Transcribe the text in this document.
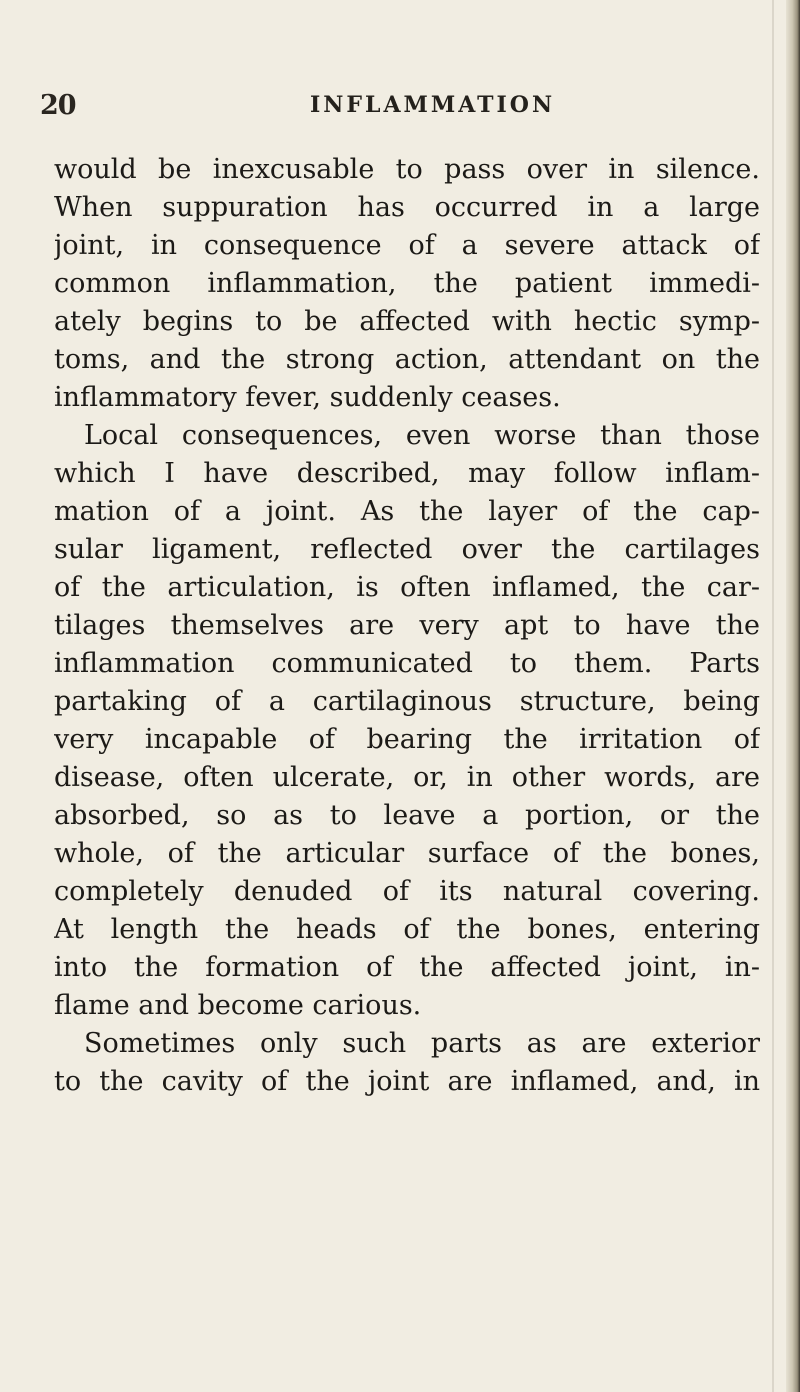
20	INFLAMMATION
would be inexcusable to pass over in silence.
When suppuration has occurred in a large
joint, in consequence of a severe attack of
common inflammation, the patient immedi-
ately begins to be affected with hectic symp-
toms, and the strong action, attendant on the
inflammatory fever, suddenly ceases.
Local consequences, even worse than those
which I have described, may follow inflam-
mation of a joint. As the layer of the cap-
sular ligament, reflected over the cartilages
of the articulation, is often inflamed, the car-
tilages themselves are very apt to have the
inflammation communicated to them. Parts
partaking of a cartilaginous structure, being
very incapable of bearing the irritation of
disease, often ulcerate, or, in other words, are
absorbed, so as to leave a portion, or the
whole, of the articular surface of the bones,
completely denuded of its natural covering.
At length the heads of the bones, entering
into the formation of the affected joint, in-
flame and become carious.
Sometimes only such parts as are exterior
to the cavity of the joint are inflamed, and, in
